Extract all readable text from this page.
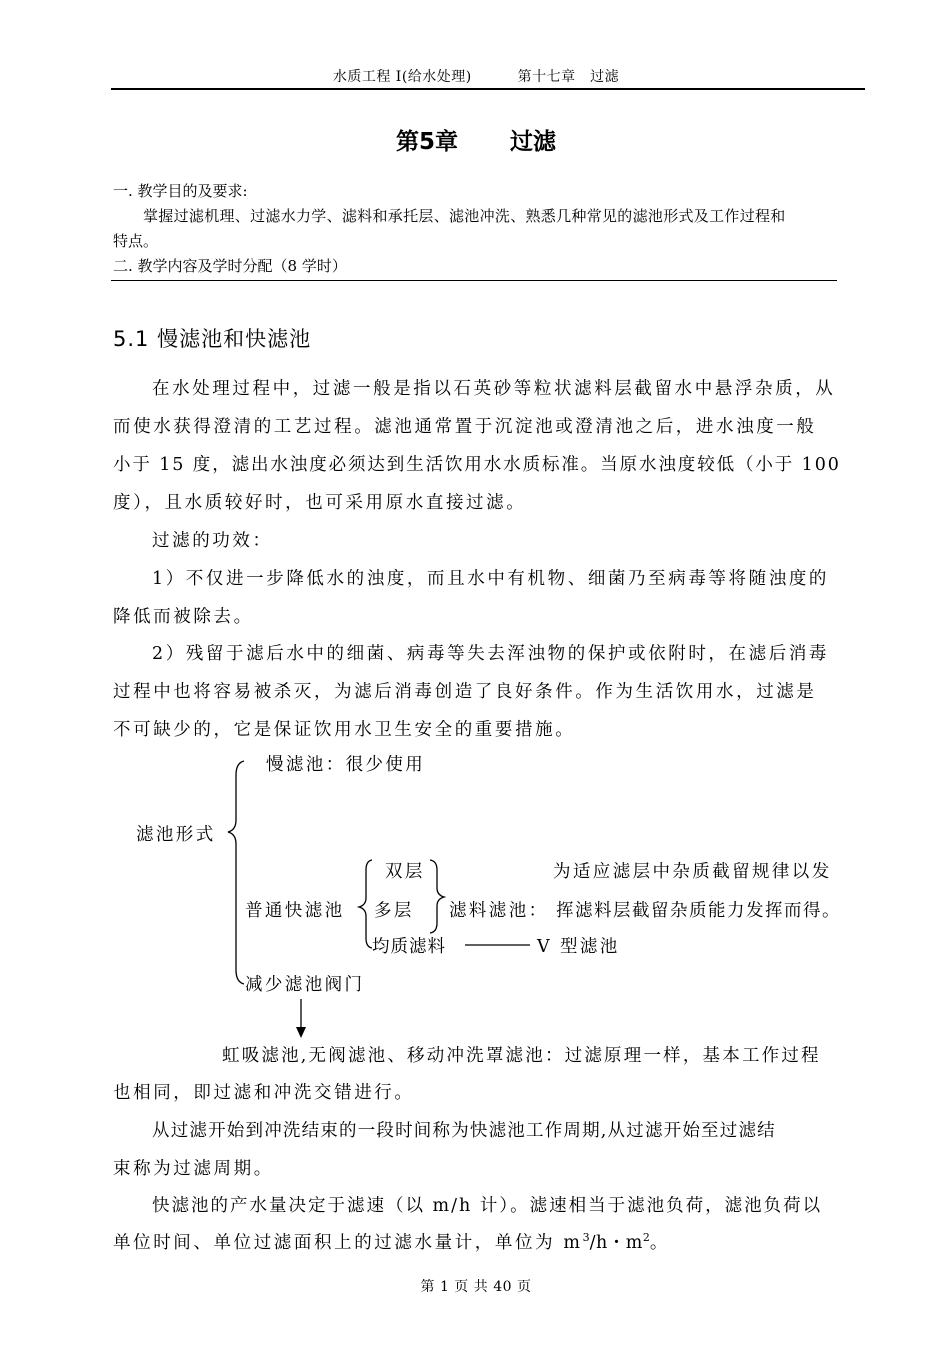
水质工程 I(给水处理)	第十七章　过滤
第5章 过滤
一. 教学目的及要求:
掌握过滤机理、过滤水力学、滤料和承托层、滤池冲洗、熟悉几种常见的滤池形式及工作过程和
特点。
二. 教学内容及学时分配（8 学时）
5.1 慢滤池和快滤池
在水处理过程中，过滤一般是指以石英砂等粒状滤料层截留水中悬浮杂质，从
而使水获得澄清的工艺过程。滤池通常置于沉淀池或澄清池之后，进水浊度一般
小于 15 度，滤出水浊度必须达到生活饮用水水质标准。当原水浊度较低（小于 100
度），且水质较好时，也可采用原水直接过滤。
过滤的功效：
1）不仅进一步降低水的浊度，而且水中有机物、细菌乃至病毒等将随浊度的
降低而被除去。
2）残留于滤后水中的细菌、病毒等失去浑浊物的保护或依附时，在滤后消毒
过程中也将容易被杀灭，为滤后消毒创造了良好条件。作为生活饮用水，过滤是
不可缺少的，它是保证饮用水卫生安全的重要措施。
慢滤池：很少使用
滤池形式
双层	为适应滤层中杂质截留规律以发
普通快滤池 多层 滤料滤池： 挥滤料层截留杂质能力发挥而得。
均质滤料	V 型滤池
减少滤池阀门
虹吸滤池,无阀滤池、移动冲洗罩滤池：过滤原理一样，基本工作过程
也相同，即过滤和冲洗交错进行。
从过滤开始到冲洗结束的一段时间称为快滤池工作周期,从过滤开始至过滤结
束称为过滤周期。
快滤池的产水量决定于滤速（以 m/h 计）。滤速相当于滤池负荷，滤池负荷以
单位时间、单位过滤面积上的过滤水量计，单位为 $m^3/h$・$m^2$。
第 1 页 共 40 页
